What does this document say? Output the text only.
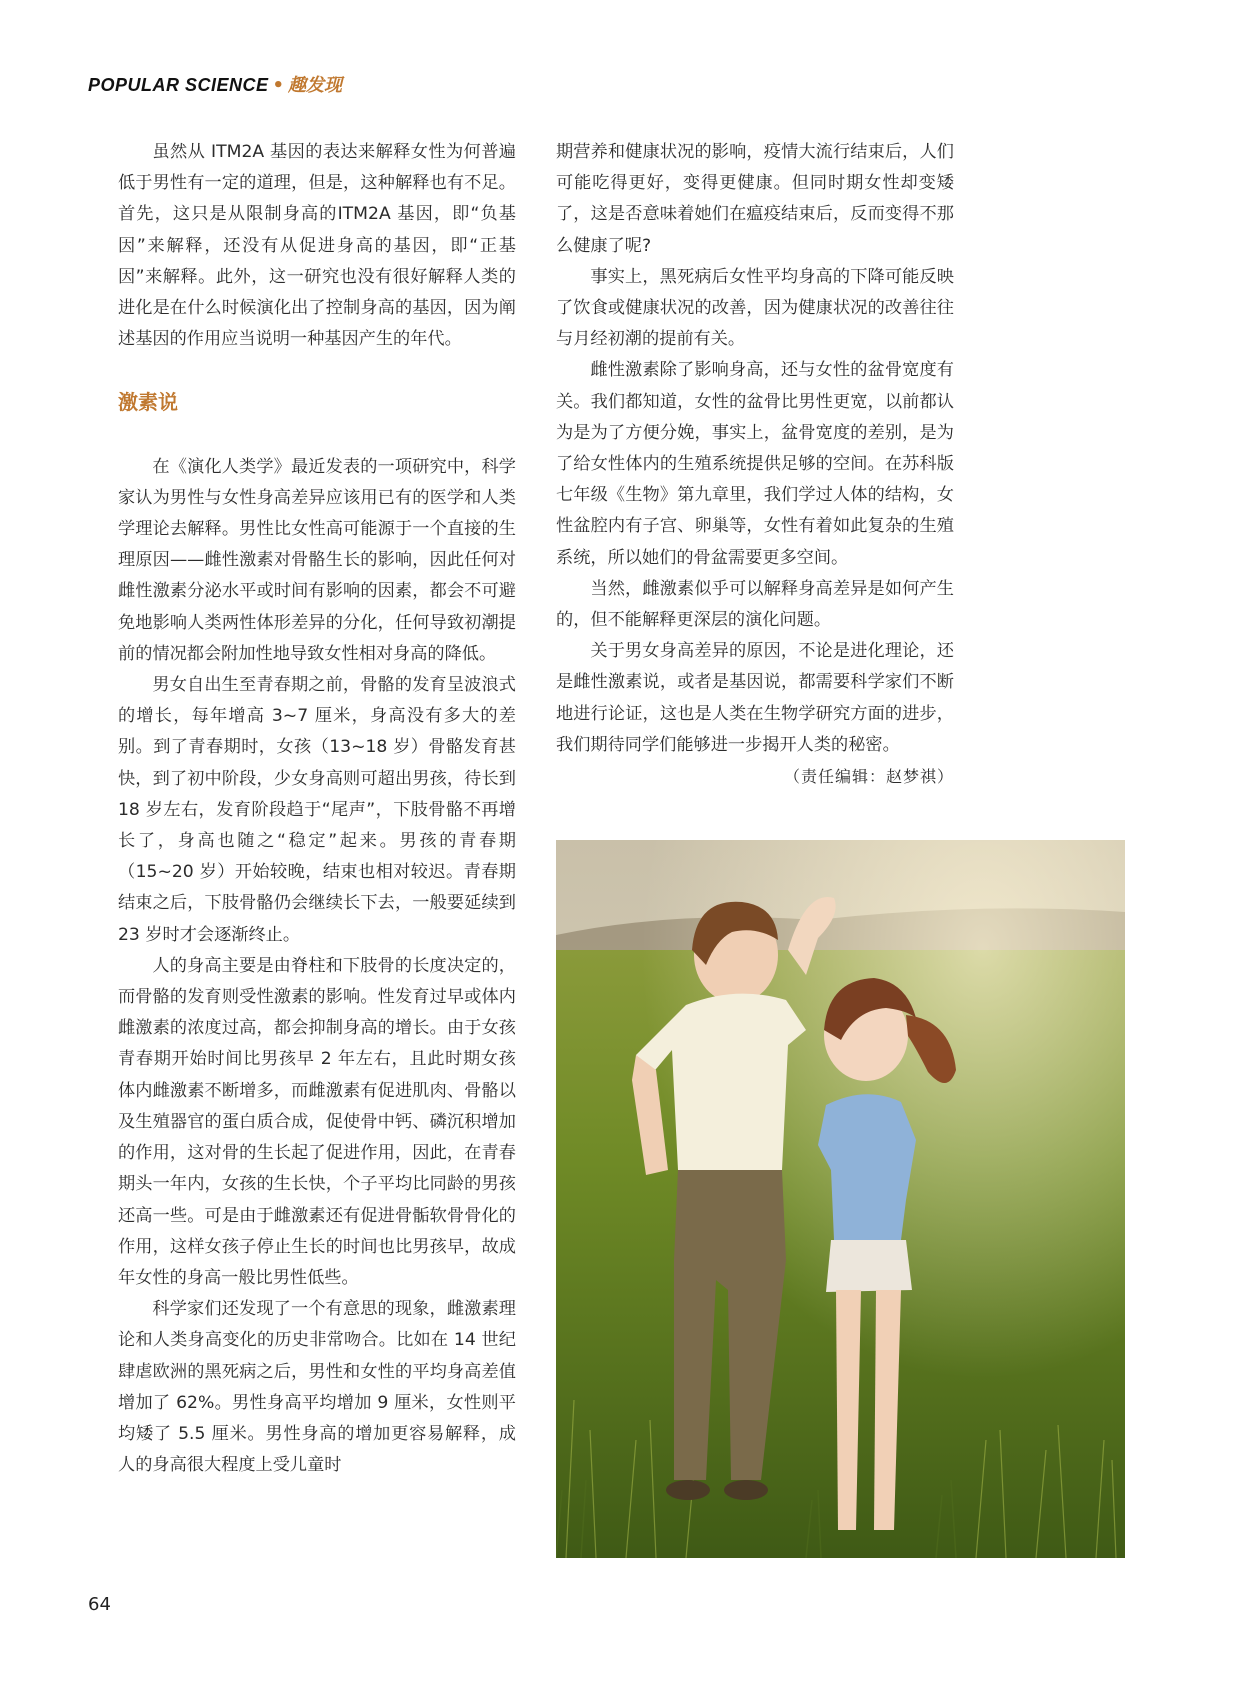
POPULAR SCIENCE • 趣发现

虽然从 ITM2A 基因的表达来解释女性为何普遍低于男性有一定的道理，但是，这种解释也有不足。首先，这只是从限制身高的ITM2A 基因，即“负基因”来解释，还没有从促进身高的基因，即“正基因”来解释。此外，这一研究也没有很好解释人类的进化是在什么时候演化出了控制身高的基因，因为阐述基因的作用应当说明一种基因产生的年代。

激素说

在《演化人类学》最近发表的一项研究中，科学家认为男性与女性身高差异应该用已有的医学和人类学理论去解释。男性比女性高可能源于一个直接的生理原因——雌性激素对骨骼生长的影响，因此任何对雌性激素分泌水平或时间有影响的因素，都会不可避免地影响人类两性体形差异的分化，任何导致初潮提前的情况都会附加性地导致女性相对身高的降低。

男女自出生至青春期之前，骨骼的发育呈波浪式的增长，每年增高 3~7 厘米，身高没有多大的差别。到了青春期时，女孩（13~18 岁）骨骼发育甚快，到了初中阶段，少女身高则可超出男孩，待长到 18 岁左右，发育阶段趋于“尾声”，下肢骨骼不再增长了，身高也随之“稳定”起来。男孩的青春期（15~20 岁）开始较晚，结束也相对较迟。青春期结束之后，下肢骨骼仍会继续长下去，一般要延续到 23 岁时才会逐渐终止。

人的身高主要是由脊柱和下肢骨的长度决定的，而骨骼的发育则受性激素的影响。性发育过早或体内雌激素的浓度过高，都会抑制身高的增长。由于女孩青春期开始时间比男孩早 2 年左右，且此时期女孩体内雌激素不断增多，而雌激素有促进肌肉、骨骼以及生殖器官的蛋白质合成，促使骨中钙、磷沉积增加的作用，这对骨的生长起了促进作用，因此，在青春期头一年内，女孩的生长快，个子平均比同龄的男孩还高一些。可是由于雌激素还有促进骨骺软骨骨化的作用，这样女孩子停止生长的时间也比男孩早，故成年女性的身高一般比男性低些。

科学家们还发现了一个有意思的现象，雌激素理论和人类身高变化的历史非常吻合。比如在 14 世纪肆虐欧洲的黑死病之后，男性和女性的平均身高差值增加了 62%。男性身高平均增加 9 厘米，女性则平均矮了 5.5 厘米。男性身高的增加更容易解释，成人的身高很大程度上受儿童时

期营养和健康状况的影响，疫情大流行结束后，人们可能吃得更好，变得更健康。但同时期女性却变矮了，这是否意味着她们在瘟疫结束后，反而变得不那么健康了呢?

事实上，黑死病后女性平均身高的下降可能反映了饮食或健康状况的改善，因为健康状况的改善往往与月经初潮的提前有关。

雌性激素除了影响身高，还与女性的盆骨宽度有关。我们都知道，女性的盆骨比男性更宽，以前都认为是为了方便分娩，事实上，盆骨宽度的差别，是为了给女性体内的生殖系统提供足够的空间。在苏科版七年级《生物》第九章里，我们学过人体的结构，女性盆腔内有子宫、卵巢等，女性有着如此复杂的生殖系统，所以她们的骨盆需要更多空间。

当然，雌激素似乎可以解释身高差异是如何产生的，但不能解释更深层的演化问题。

关于男女身高差异的原因，不论是进化理论，还是雌性激素说，或者是基因说，都需要科学家们不断地进行论证，这也是人类在生物学研究方面的进步，我们期待同学们能够进一步揭开人类的秘密。
（责任编辑：赵梦祺）

64
